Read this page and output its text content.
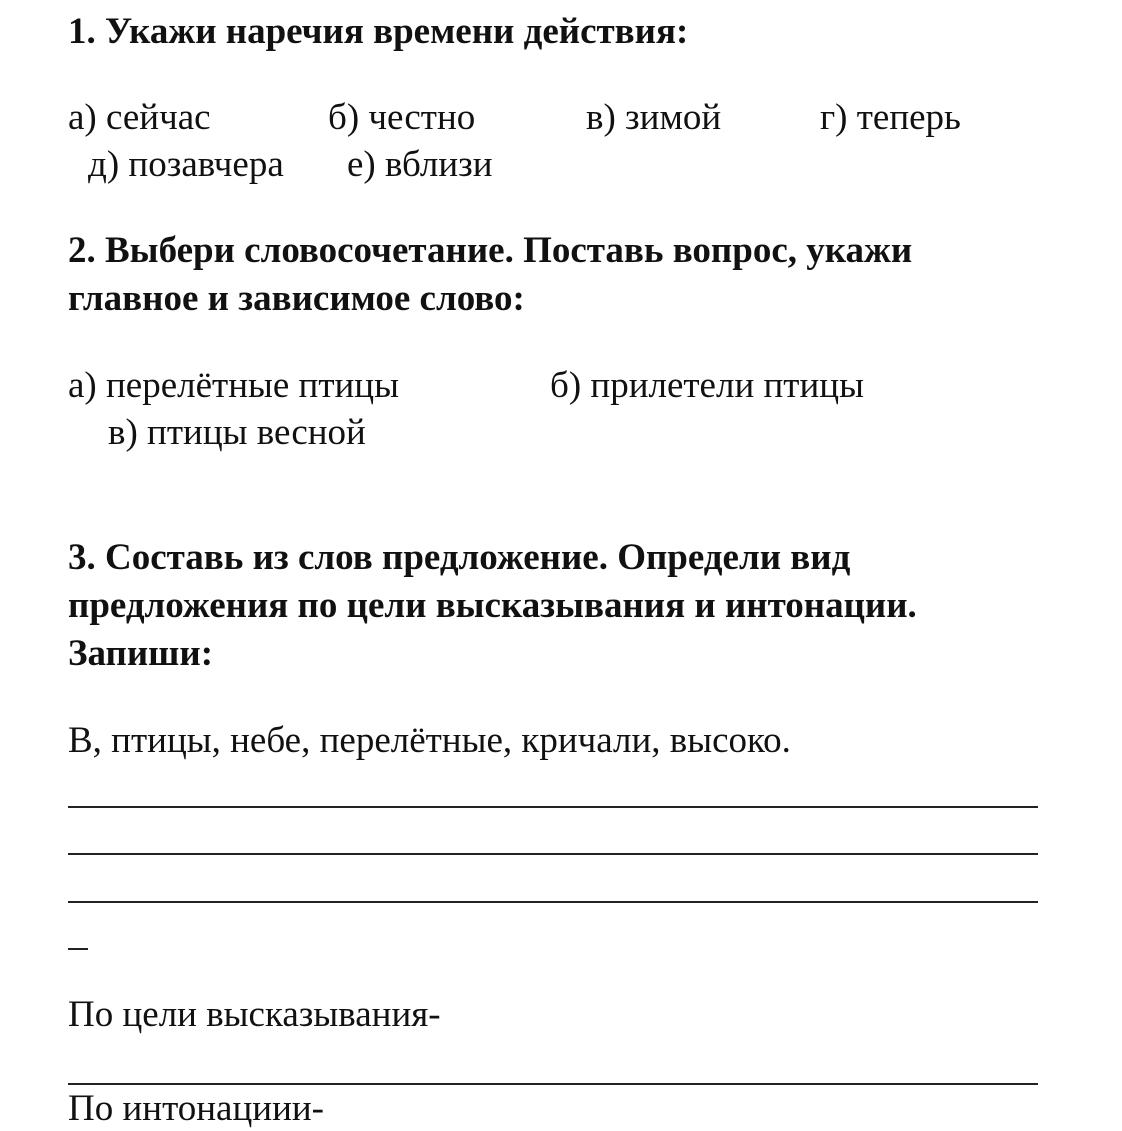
1. Укажи наречия времени действия:
а) сейчас	б) честно	в) зимой	г) теперь
д) позавчера е) вблизи
2. Выбери словосочетание. Поставь вопрос, укажи
главное и зависимое слово:
а) перелётные птицы	б) прилетели птицы
в) птицы весной
3. Составь из слов предложение. Определи вид
предложения по цели высказывания и интонации.
Запиши:
В, птицы, небе, перелётные, кричали, высоко.
По цели высказывания-
По интонациии-
